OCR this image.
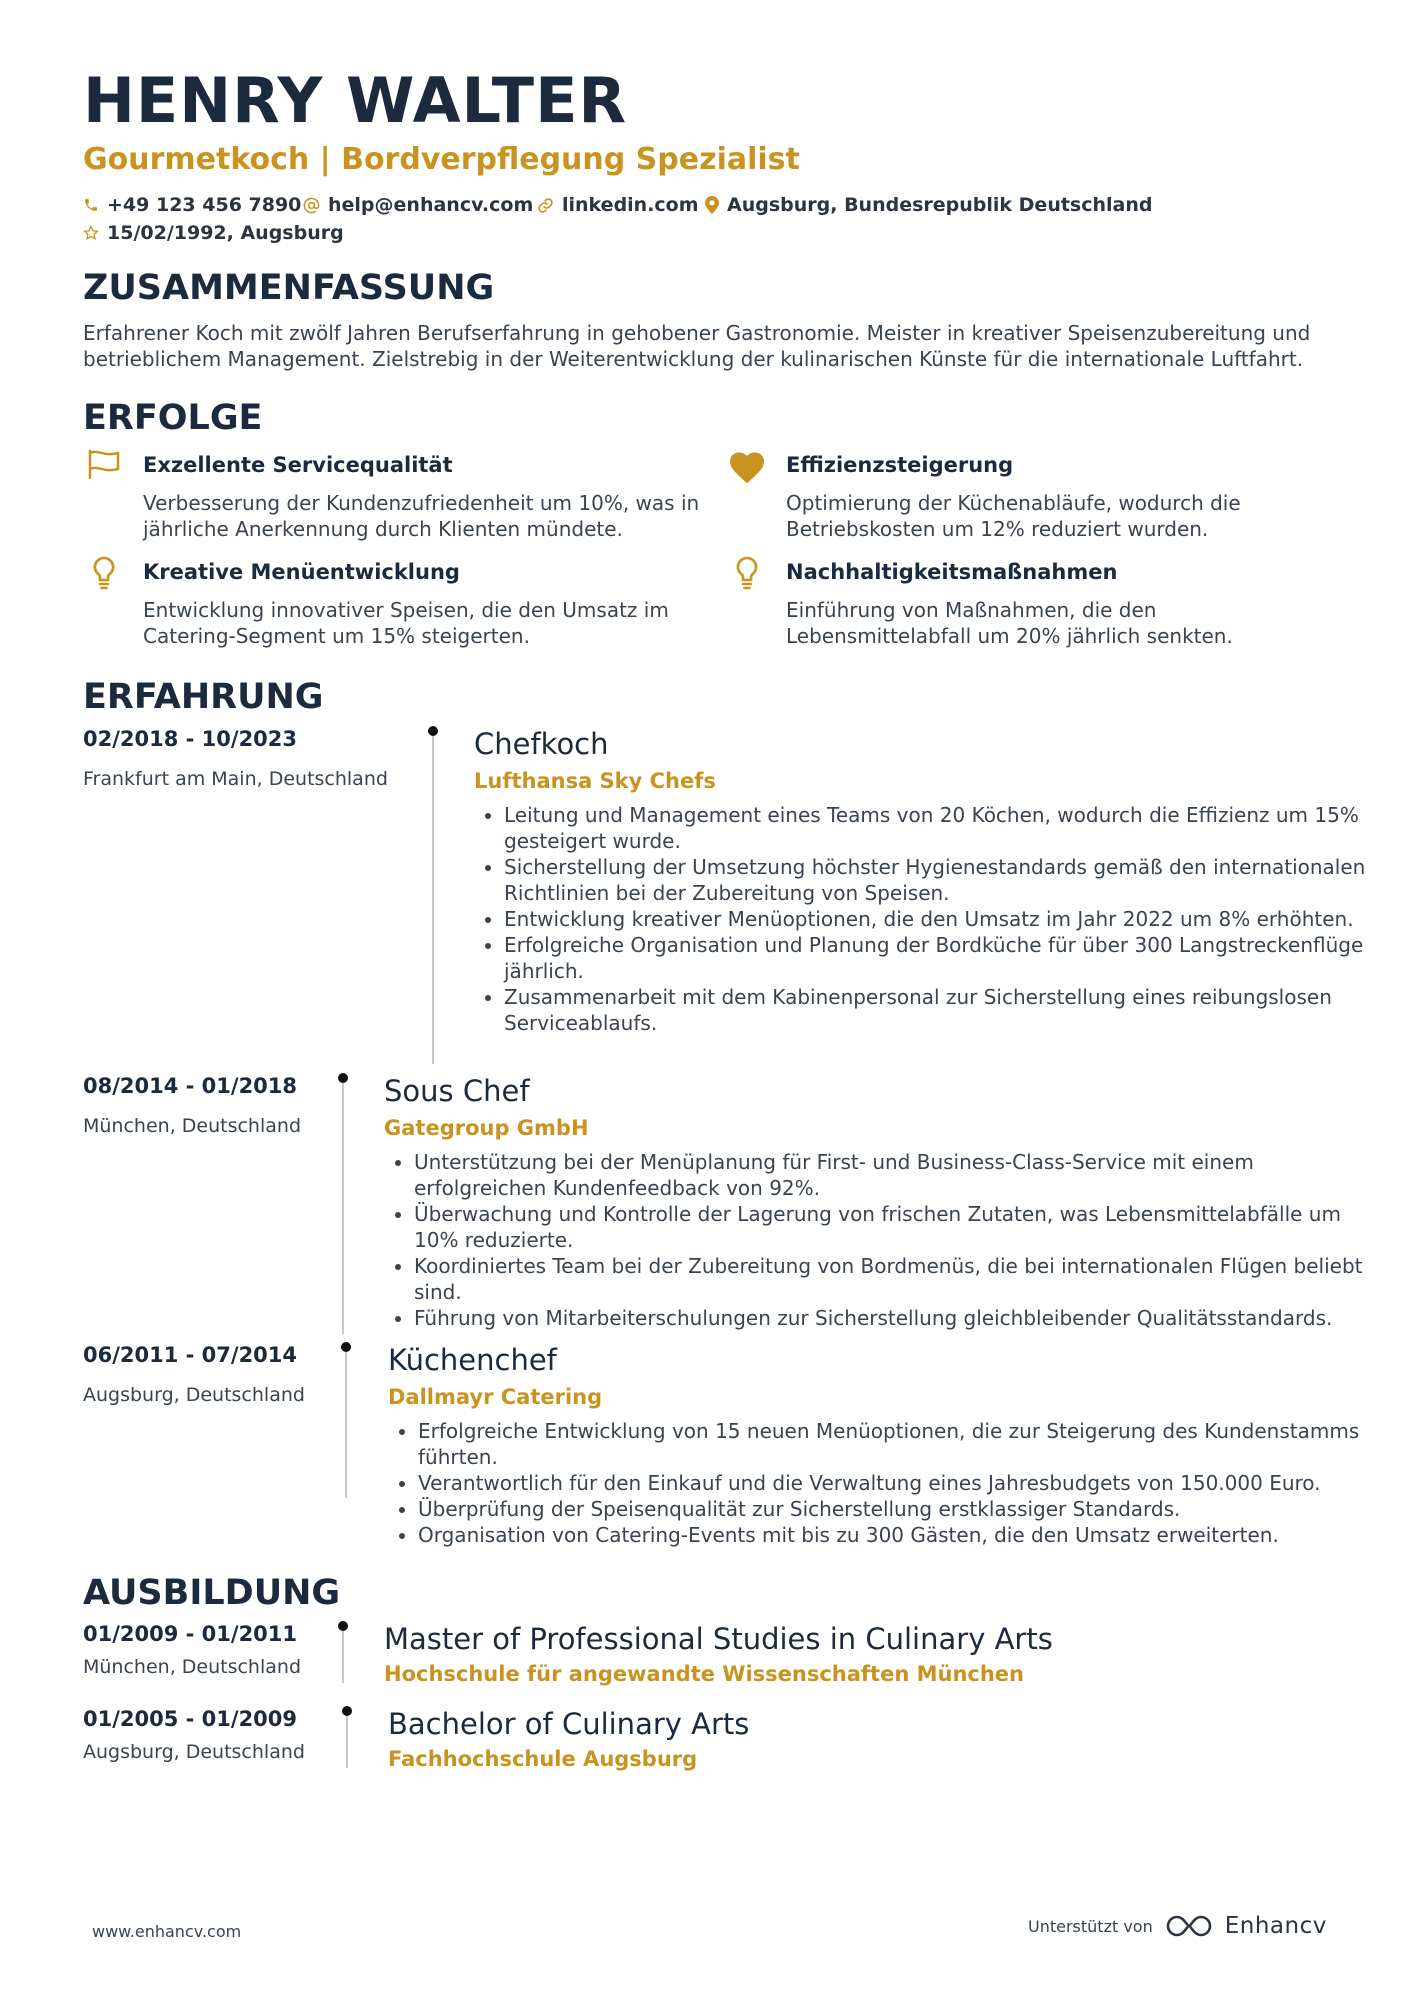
HENRY WALTER
Gourmetkoch | Bordverpflegung Spezialist
+49 123 456 7890 help@enhancv.com linkedin.com Augsburg, Bundesrepublik Deutschland
15/02/1992, Augsburg
ZUSAMMENFASSUNG
Erfahrener Koch mit zwölf Jahren Berufserfahrung in gehobener Gastronomie. Meister in kreativer Speisenzubereitung und betrieblichem Management. Zielstrebig in der Weiterentwicklung der kulinarischen Künste für die internationale Luftfahrt.
ERFOLGE
Exzellente Servicequalität
Verbesserung der Kundenzufriedenheit um 10%, was in jährliche Anerkennung durch Klienten mündete.
Effizienzsteigerung
Optimierung der Küchenabläufe, wodurch die Betriebskosten um 12% reduziert wurden.
Kreative Menüentwicklung
Entwicklung innovativer Speisen, die den Umsatz im Catering-Segment um 15% steigerten.
Nachhaltigkeitsmaßnahmen
Einführung von Maßnahmen, die den Lebensmittelabfall um 20% jährlich senkten.
ERFAHRUNG
02/2018 - 10/2023
Frankfurt am Main, Deutschland
Chefkoch
Lufthansa Sky Chefs
• Leitung und Management eines Teams von 20 Köchen, wodurch die Effizienz um 15% gesteigert wurde.
• Sicherstellung der Umsetzung höchster Hygienestandards gemäß den internationalen Richtlinien bei der Zubereitung von Speisen.
• Entwicklung kreativer Menüoptionen, die den Umsatz im Jahr 2022 um 8% erhöhten.
• Erfolgreiche Organisation und Planung der Bordküche für über 300 Langstreckenflüge jährlich.
• Zusammenarbeit mit dem Kabinenpersonal zur Sicherstellung eines reibungslosen Serviceablaufs.
08/2014 - 01/2018
München, Deutschland
Sous Chef
Gategroup GmbH
• Unterstützung bei der Menüplanung für First- und Business-Class-Service mit einem erfolgreichen Kundenfeedback von 92%.
• Überwachung und Kontrolle der Lagerung von frischen Zutaten, was Lebensmittelabfälle um 10% reduzierte.
• Koordiniertes Team bei der Zubereitung von Bordmenüs, die bei internationalen Flügen beliebt sind.
• Führung von Mitarbeiterschulungen zur Sicherstellung gleichbleibender Qualitätsstandards.
06/2011 - 07/2014
Augsburg, Deutschland
Küchenchef
Dallmayr Catering
• Erfolgreiche Entwicklung von 15 neuen Menüoptionen, die zur Steigerung des Kundenstamms führten.
• Verantwortlich für den Einkauf und die Verwaltung eines Jahresbudgets von 150.000 Euro.
• Überprüfung der Speisenqualität zur Sicherstellung erstklassiger Standards.
• Organisation von Catering-Events mit bis zu 300 Gästen, die den Umsatz erweiterten.
AUSBILDUNG
01/2009 - 01/2011
München, Deutschland
Master of Professional Studies in Culinary Arts
Hochschule für angewandte Wissenschaften München
01/2005 - 01/2009
Augsburg, Deutschland
Bachelor of Culinary Arts
Fachhochschule Augsburg
www.enhancv.com	Unterstützt von	Enhancv
